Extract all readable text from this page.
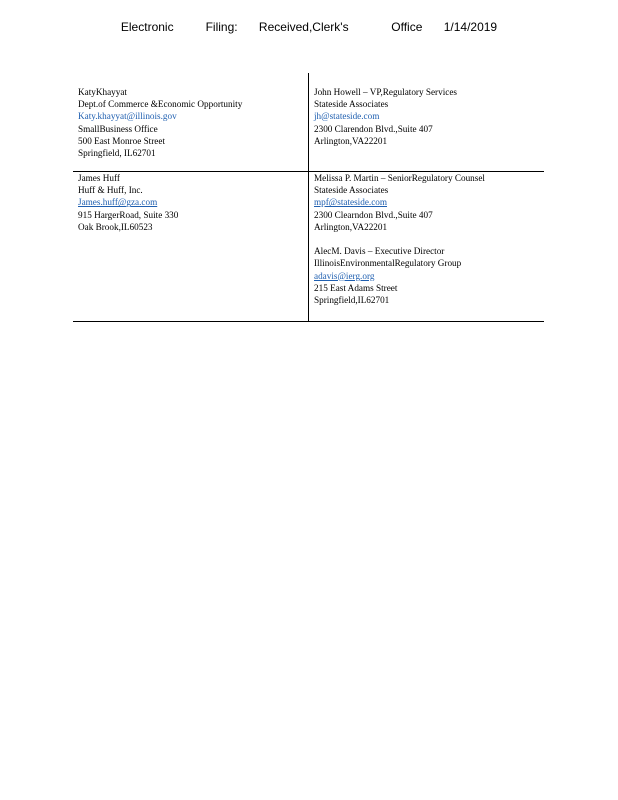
Electronic      Filing:    Received,Clerk's        Office    1/14/2019
KatyKhayyat
Dept.of Commerce &Economic Opportunity
Katy.khayyat@illinois.gov
SmallBusiness Office
500 East Monroe Street
Springfield, IL62701
John Howell – VP,Regulatory Services
Stateside Associates
jh@stateside.com
2300 Clarendon Blvd.,Suite 407
Arlington,VA22201
James Huff
Huff & Huff, Inc.
James.huff@gza.com
915 HargerRoad, Suite 330
Oak Brook,IL60523
Melissa P. Martin – SeniorRegulatory Counsel
Stateside Associates
mpf@stateside.com
2300 Clearndon Blvd.,Suite 407
Arlington,VA22201
AlecM. Davis – Executive Director
IllinoisEnvironmentalRegulatory Group
adavis@ierg.org
215 East Adams Street
Springfield,IL62701
